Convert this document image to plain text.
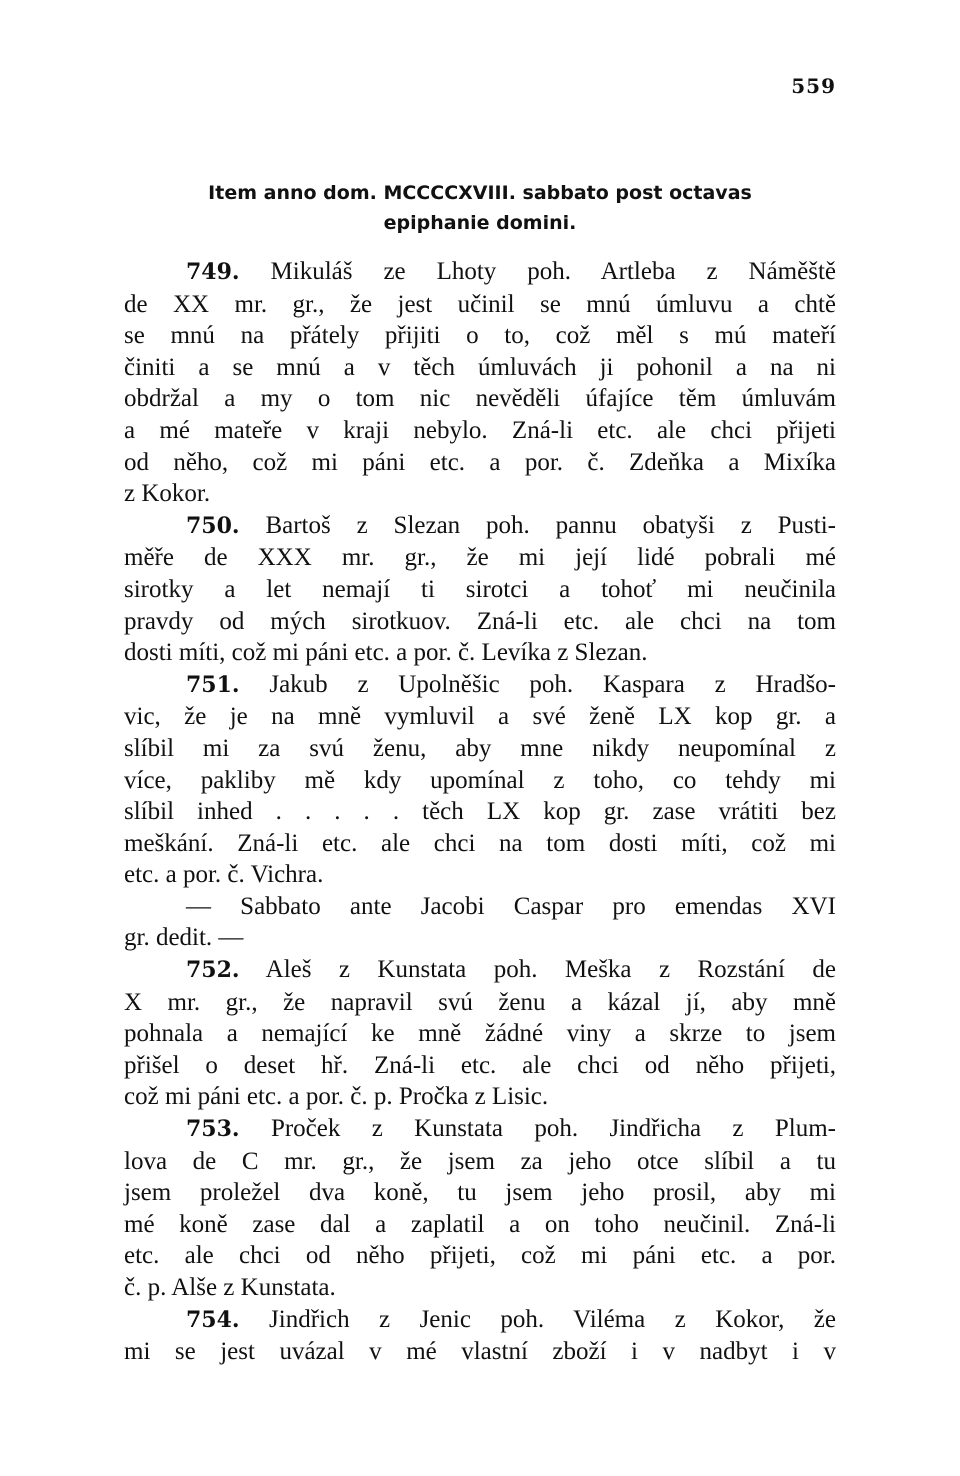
559
Item anno dom. MCCCCXVIII. sabbato post octavas
epiphanie domini.
749. Mikuláš ze Lhoty poh. Artleba z Náměště
de XX mr. gr., že jest učinil se mnú úmluvu a chtě
se mnú na přátely přijiti o to, což měl s mú mateří
činiti a se mnú a v těch úmluvách ji pohonil a na ni
obdržal a my o tom nic nevěděli úfajíce těm úmluvám
a mé mateře v kraji nebylo. Zná-li etc. ale chci přijeti
od něho, což mi páni etc. a por. č. Zdeňka a Mixíka
z Kokor.
750. Bartoš z Slezan poh. pannu obatyši z Pusti-
měře de XXX mr. gr., že mi její lidé pobrali mé
sirotky a let nemají ti sirotci a tohoť mi neučinila
pravdy od mých sirotkuov. Zná-li etc. ale chci na tom
dosti míti, což mi páni etc. a por. č. Levíka z Slezan.
751. Jakub z Upolněšic poh. Kaspara z Hradšo-
vic, že je na mně vymluvil a své ženě LX kop gr. a
slíbil mi za svú ženu, aby mne nikdy neupomínal z
více, pakliby mě kdy upomínal z toho, co tehdy mi
slíbil inhed . . . . . těch LX kop gr. zase vrátiti bez
meškání. Zná-li etc. ale chci na tom dosti míti, což mi
etc. a por. č. Vichra.
— Sabbato ante Jacobi Caspar pro emendas XVI
gr. dedit. —
752. Aleš z Kunstata poh. Meška z Rozstání de
X mr. gr., že napravil svú ženu a kázal jí, aby mně
pohnala a nemající ke mně žádné viny a skrze to jsem
přišel o deset hř. Zná-li etc. ale chci od něho přijeti,
což mi páni etc. a por. č. p. Pročka z Lisic.
753. Proček z Kunstata poh. Jindřicha z Plum-
lova de C mr. gr., že jsem za jeho otce slíbil a tu
jsem proležel dva koně, tu jsem jeho prosil, aby mi
mé koně zase dal a zaplatil a on toho neučinil. Zná-li
etc. ale chci od něho přijeti, což mi páni etc. a por.
č. p. Alše z Kunstata.
754. Jindřich z Jenic poh. Viléma z Kokor, že
mi se jest uvázal v mé vlastní zboží i v nadbyt i v
